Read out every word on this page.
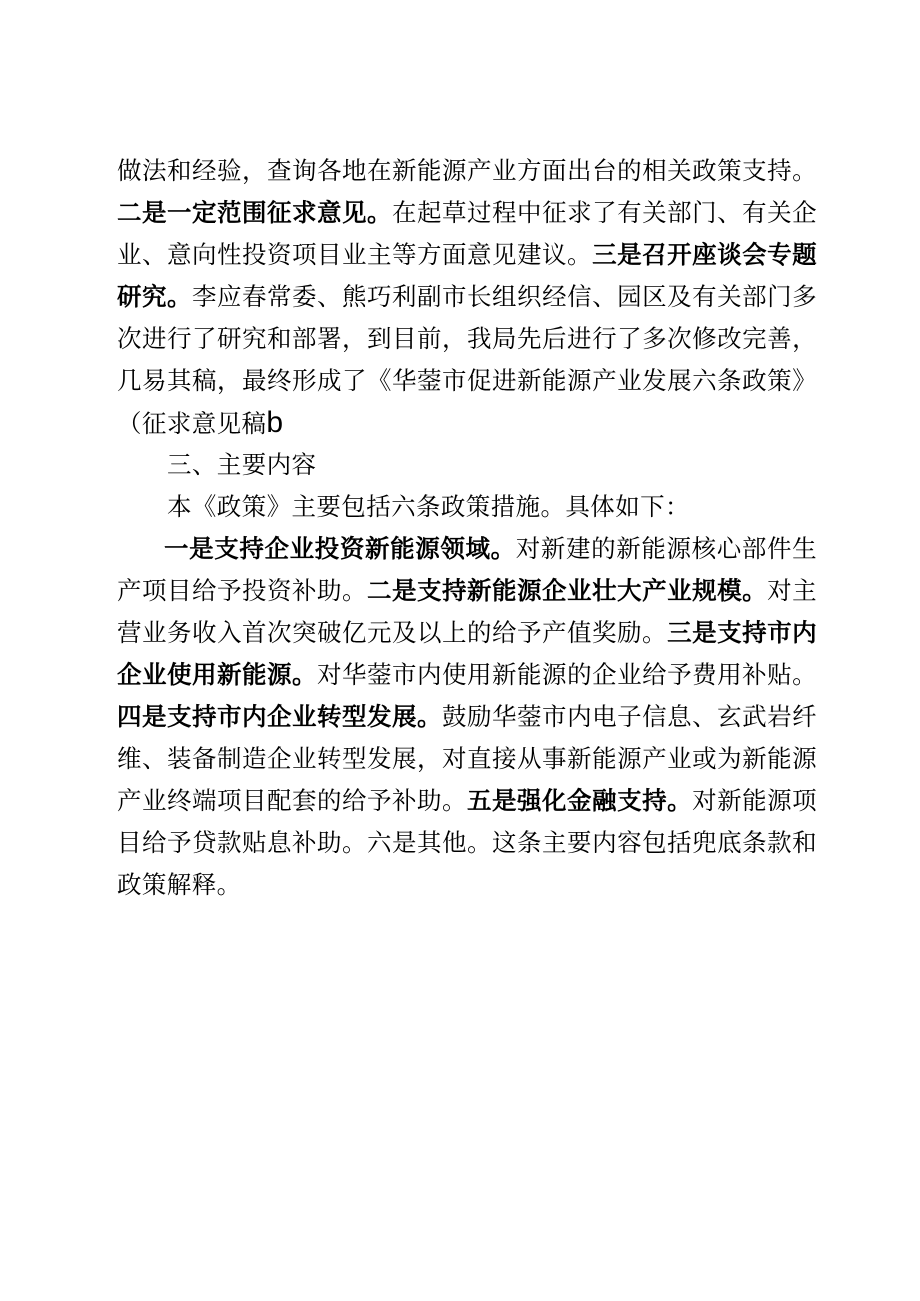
做法和经验，查询各地在新能源产业方面出台的相关政策支持。
二是一定范围征求意见。在起草过程中征求了有关部门、有关企
业、意向性投资项目业主等方面意见建议。三是召开座谈会专题
研究。李应春常委、熊巧利副市长组织经信、园区及有关部门多
次进行了研究和部署，到目前，我局先后进行了多次修改完善，
几易其稿，最终形成了《华蓥市促进新能源产业发展六条政策》
（征求意见稿b
三、主要内容
本《政策》主要包括六条政策措施。具体如下：
一是支持企业投资新能源领域。对新建的新能源核心部件生
产项目给予投资补助。二是支持新能源企业壮大产业规模。对主
营业务收入首次突破亿元及以上的给予产值奖励。三是支持市内
企业使用新能源。对华蓥市内使用新能源的企业给予费用补贴。
四是支持市内企业转型发展。鼓励华蓥市内电子信息、玄武岩纤
维、装备制造企业转型发展，对直接从事新能源产业或为新能源
产业终端项目配套的给予补助。五是强化金融支持。对新能源项
目给予贷款贴息补助。六是其他。这条主要内容包括兜底条款和
政策解释。
